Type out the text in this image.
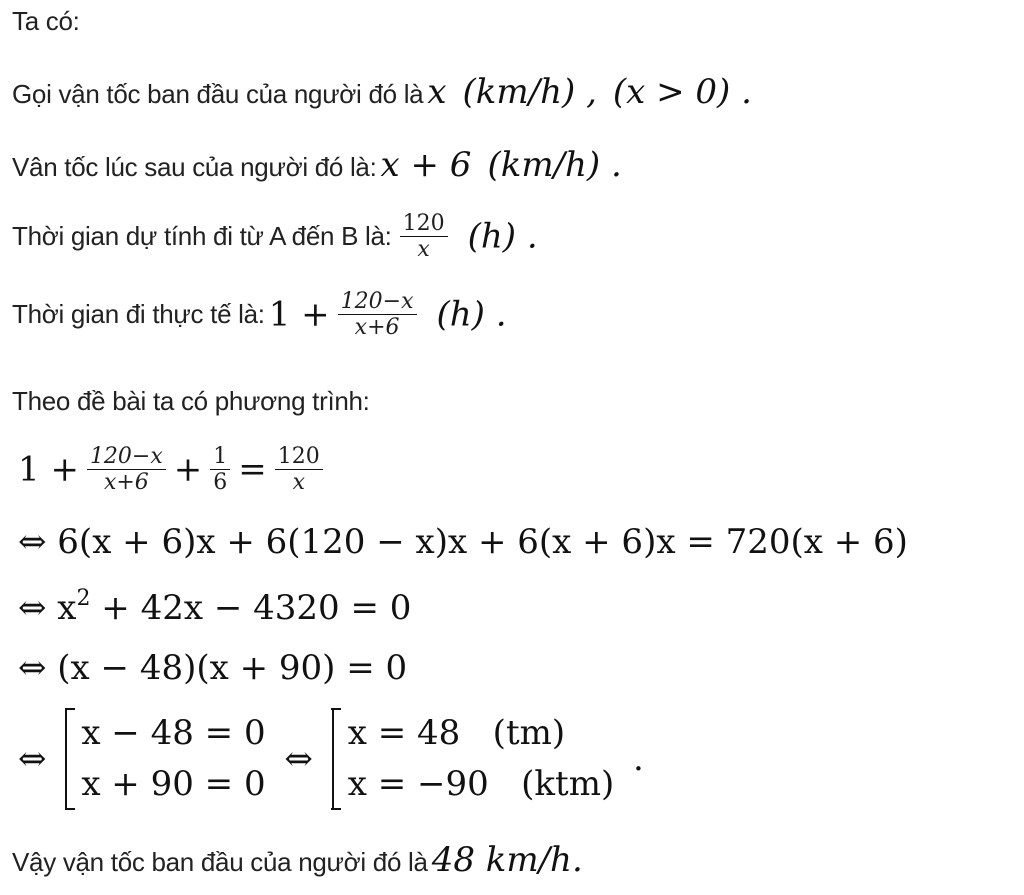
Ta có:
Gọi vận tốc ban đầu của người đó là x (km/h) , (x > 0) .
Vân tốc lúc sau của người đó là: x + 6 (km/h) .
Thời gian dự tính đi từ A đến B là: $\frac{120}{x} (h)$ .
Thời gian đi thực tế là: $1 + \frac{120-x}{x+6} (h)$ .
Theo đề bài ta có phương trình:
$1 + \frac{120-x}{x+6} + \frac{1}{6} = \frac{120}{x}$
⇔ 6(x + 6)x + 6(120 − x)x + 6(x + 6)x = 720(x + 6)
⇔ $x^2 + 42x - 4320 = 0$
⇔ (x − 48)(x + 90) = 0
⇔
x − 48 = 0
x + 90 = 0
⇔
x = 48   (tm)
x = −90   (ktm)
.
Vậy vận tốc ban đầu của người đó là 48 km/h.
